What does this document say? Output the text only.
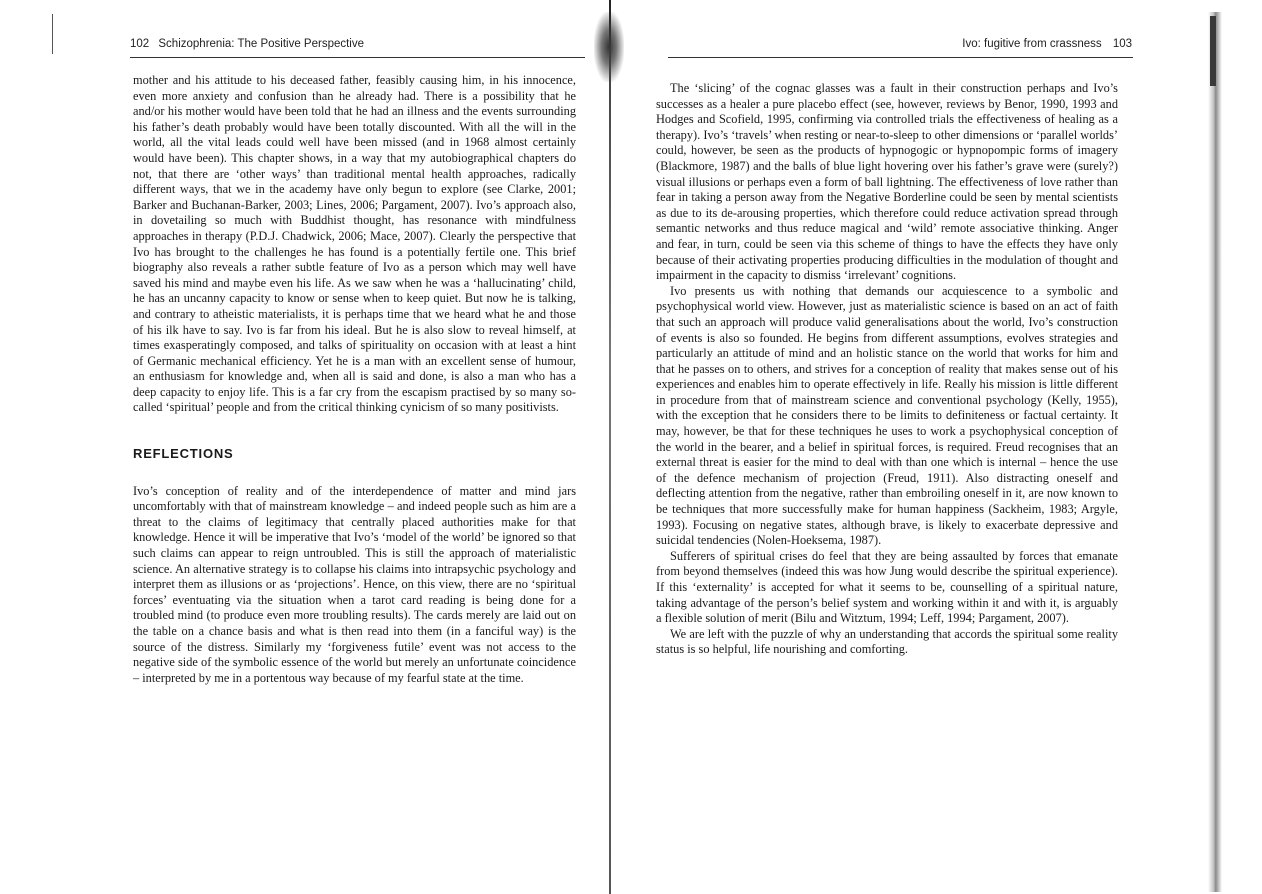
102 Schizophrenia: The Positive Perspective

mother and his attitude to his deceased father, feasibly causing him, in his innocence, even more anxiety and confusion than he already had. There is a possibility that he and/or his mother would have been told that he had an illness and the events surrounding his father’s death probably would have been totally discounted. With all the will in the world, all the vital leads could well have been missed (and in 1968 almost certainly would have been). This chapter shows, in a way that my autobiographical chapters do not, that there are ‘other ways’ than traditional mental health approaches, radically different ways, that we in the academy have only begun to explore (see Clarke, 2001; Barker and Buchanan-Barker, 2003; Lines, 2006; Pargament, 2007). Ivo’s approach also, in dovetailing so much with Buddhist thought, has resonance with mindfulness approaches in therapy (P.D.J. Chadwick, 2006; Mace, 2007). Clearly the perspective that Ivo has brought to the challenges he has found is a potentially fertile one. This brief biography also reveals a rather subtle feature of Ivo as a person which may well have saved his mind and maybe even his life. As we saw when he was a ‘hallucinating’ child, he has an uncanny capacity to know or sense when to keep quiet. But now he is talking, and contrary to atheistic materialists, it is perhaps time that we heard what he and those of his ilk have to say. Ivo is far from his ideal. But he is also slow to reveal himself, at times exasperatingly composed, and talks of spirituality on occasion with at least a hint of Germanic mechanical efficiency. Yet he is a man with an excellent sense of humour, an enthusiasm for knowledge and, when all is said and done, is also a man who has a deep capacity to enjoy life. This is a far cry from the escapism practised by so many so-called ‘spiritual’ people and from the critical thinking cynicism of so many positivists.

REFLECTIONS

Ivo’s conception of reality and of the interdependence of matter and mind jars uncomfortably with that of mainstream knowledge – and indeed people such as him are a threat to the claims of legitimacy that centrally placed authorities make for that knowledge. Hence it will be imperative that Ivo’s ‘model of the world’ be ignored so that such claims can appear to reign untroubled. This is still the approach of materialistic science. An alternative strategy is to collapse his claims into intrapsychic psychology and interpret them as illusions or as ‘projections’. Hence, on this view, there are no ‘spiritual forces’ eventuating via the situation when a tarot card reading is being done for a troubled mind (to produce even more troubling results). The cards merely are laid out on the table on a chance basis and what is then read into them (in a fanciful way) is the source of the distress. Similarly my ‘forgiveness futile’ event was not access to the negative side of the symbolic essence of the world but merely an unfortunate coincidence – interpreted by me in a portentous way because of my fearful state at the time.

Ivo: fugitive from crassness 103

The ‘slicing’ of the cognac glasses was a fault in their construction perhaps and Ivo’s successes as a healer a pure placebo effect (see, however, reviews by Benor, 1990, 1993 and Hodges and Scofield, 1995, confirming via controlled trials the effectiveness of healing as a therapy). Ivo’s ‘travels’ when resting or near-to-sleep to other dimensions or ‘parallel worlds’ could, however, be seen as the products of hypnogogic or hypnopompic forms of imagery (Blackmore, 1987) and the balls of blue light hovering over his father’s grave were (surely?) visual illusions or perhaps even a form of ball lightning. The effectiveness of love rather than fear in taking a person away from the Negative Borderline could be seen by mental scientists as due to its de-arousing properties, which therefore could reduce activation spread through semantic networks and thus reduce magical and ‘wild’ remote associative thinking. Anger and fear, in turn, could be seen via this scheme of things to have the effects they have only because of their activating properties producing difficulties in the modulation of thought and impairment in the capacity to dismiss ‘irrelevant’ cognitions.

Ivo presents us with nothing that demands our acquiescence to a symbolic and psychophysical world view. However, just as materialistic science is based on an act of faith that such an approach will produce valid generalisations about the world, Ivo’s construction of events is also so founded. He begins from different assumptions, evolves strategies and particularly an attitude of mind and an holistic stance on the world that works for him and that he passes on to others, and strives for a conception of reality that makes sense out of his experiences and enables him to operate effectively in life. Really his mission is little different in procedure from that of mainstream science and conventional psychology (Kelly, 1955), with the exception that he considers there to be limits to definiteness or factual certainty. It may, however, be that for these techniques he uses to work a psychophysical conception of the world in the bearer, and a belief in spiritual forces, is required. Freud recognises that an external threat is easier for the mind to deal with than one which is internal – hence the use of the defence mechanism of projection (Freud, 1911). Also distracting oneself and deflecting attention from the negative, rather than embroiling oneself in it, are now known to be techniques that more successfully make for human happiness (Sackheim, 1983; Argyle, 1993). Focusing on negative states, although brave, is likely to exacerbate depressive and suicidal tendencies (Nolen-Hoeksema, 1987).

Sufferers of spiritual crises do feel that they are being assaulted by forces that emanate from beyond themselves (indeed this was how Jung would describe the spiritual experience). If this ‘externality’ is accepted for what it seems to be, counselling of a spiritual nature, taking advantage of the person’s belief system and working within it and with it, is arguably a flexible solution of merit (Bilu and Witztum, 1994; Leff, 1994; Pargament, 2007).

We are left with the puzzle of why an understanding that accords the spiritual some reality status is so helpful, life nourishing and comforting.
